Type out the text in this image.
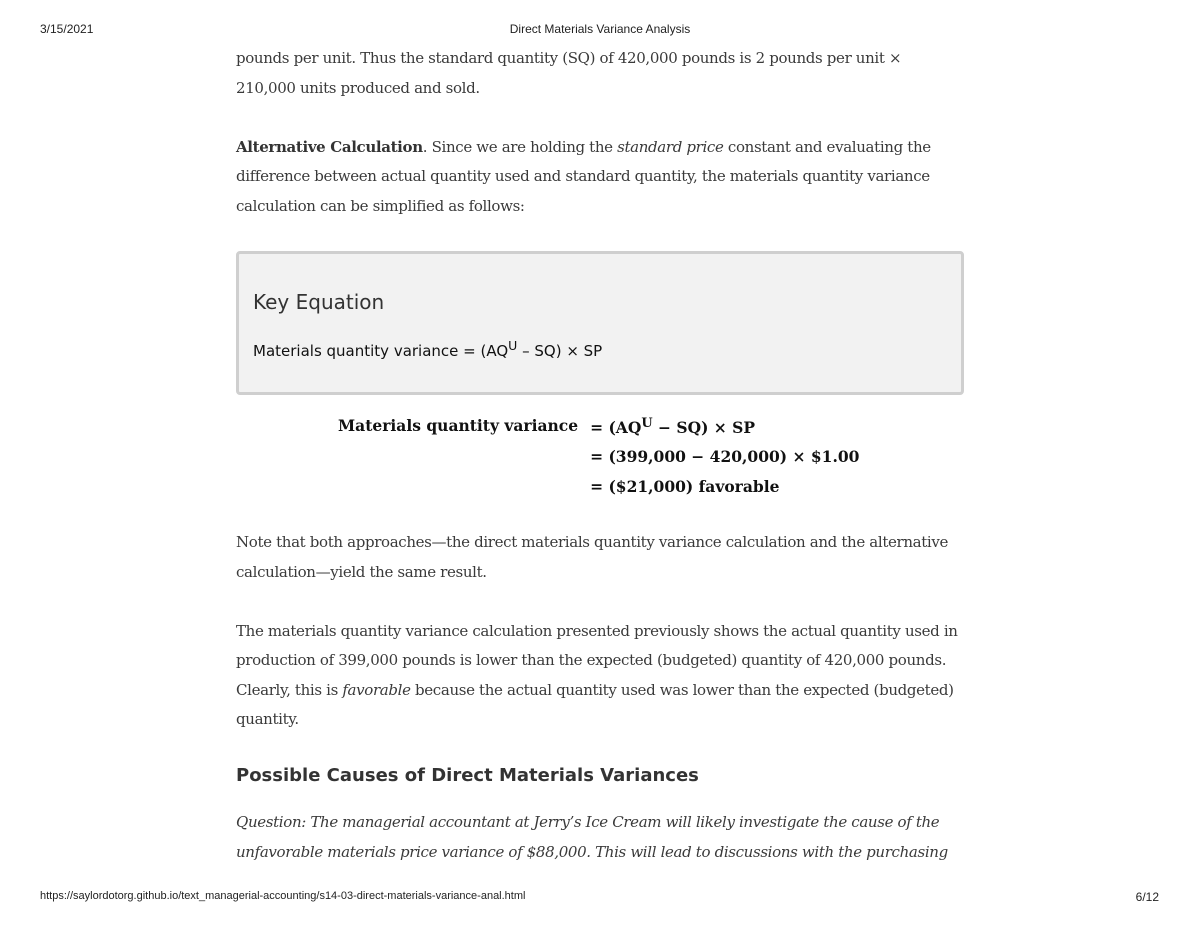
3/15/2021	Direct Materials Variance Analysis

pounds per unit. Thus the standard quantity (SQ) of 420,000 pounds is 2 pounds per unit × 210,000 units produced and sold.

Alternative Calculation. Since we are holding the standard price constant and evaluating the difference between actual quantity used and standard quantity, the materials quantity variance calculation can be simplified as follows:

Key Equation
Materials quantity variance = $(AQ^U - SQ)$ × SP
Materials quantity variance	= $(AQ^U - SQ)$ × SP
	= (399,000 − 420,000) × $1.00
	= ($21,000) favorable

Note that both approaches—the direct materials quantity variance calculation and the alternative calculation—yield the same result.

The materials quantity variance calculation presented previously shows the actual quantity used in production of 399,000 pounds is lower than the expected (budgeted) quantity of 420,000 pounds. Clearly, this is favorable because the actual quantity used was lower than the expected (budgeted) quantity.

Possible Causes of Direct Materials Variances

Question: The managerial accountant at Jerry’s Ice Cream will likely investigate the cause of the unfavorable materials price variance of $88,000. This will lead to discussions with the purchasing

https://saylordotorg.github.io/text_managerial-accounting/s14-03-direct-materials-variance-anal.html	6/12
